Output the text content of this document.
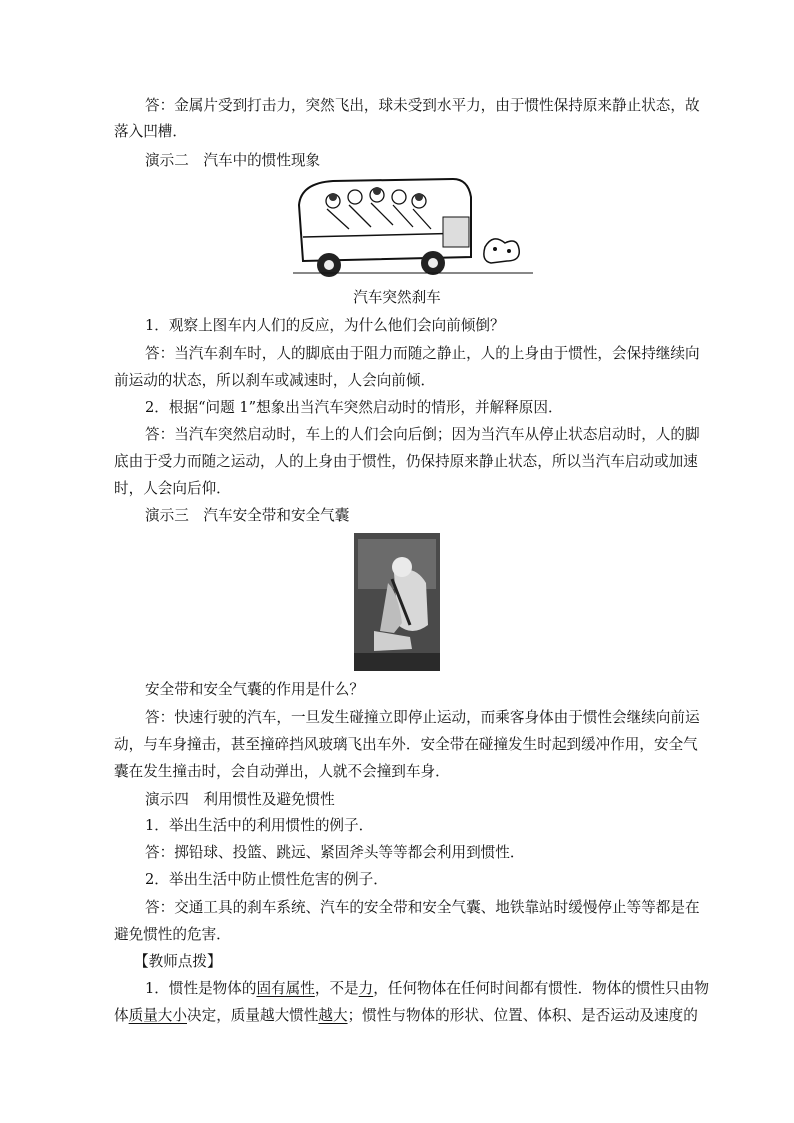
答：金属片受到打击力，突然飞出，球未受到水平力，由于惯性保持原来静止状态，故
落入凹槽．
演示二　汽车中的惯性现象
汽车突然刹车
1．观察上图车内人们的反应，为什么他们会向前倾倒？
答：当汽车刹车时，人的脚底由于阻力而随之静止，人的上身由于惯性，会保持继续向
前运动的状态，所以刹车或减速时，人会向前倾．
2．根据“问题 1”想象出当汽车突然启动时的情形，并解释原因．
答：当汽车突然启动时，车上的人们会向后倒；因为当汽车从停止状态启动时，人的脚
底由于受力而随之运动，人的上身由于惯性，仍保持原来静止状态，所以当汽车启动或加速
时，人会向后仰．
演示三　汽车安全带和安全气囊
安全带和安全气囊的作用是什么？
答：快速行驶的汽车，一旦发生碰撞立即停止运动，而乘客身体由于惯性会继续向前运
动，与车身撞击，甚至撞碎挡风玻璃飞出车外．安全带在碰撞发生时起到缓冲作用，安全气
囊在发生撞击时，会自动弹出，人就不会撞到车身．
演示四　利用惯性及避免惯性
1．举出生活中的利用惯性的例子．
答：掷铅球、投篮、跳远、紧固斧头等等都会利用到惯性．
2．举出生活中防止惯性危害的例子．
答：交通工具的刹车系统、汽车的安全带和安全气囊、地铁靠站时缓慢停止等等都是在
避免惯性的危害．
【教师点拨】
1．惯性是物体的固有属性，不是力，任何物体在任何时间都有惯性．物体的惯性只由物
体质量大小决定，质量越大惯性越大；惯性与物体的形状、位置、体积、是否运动及速度的
